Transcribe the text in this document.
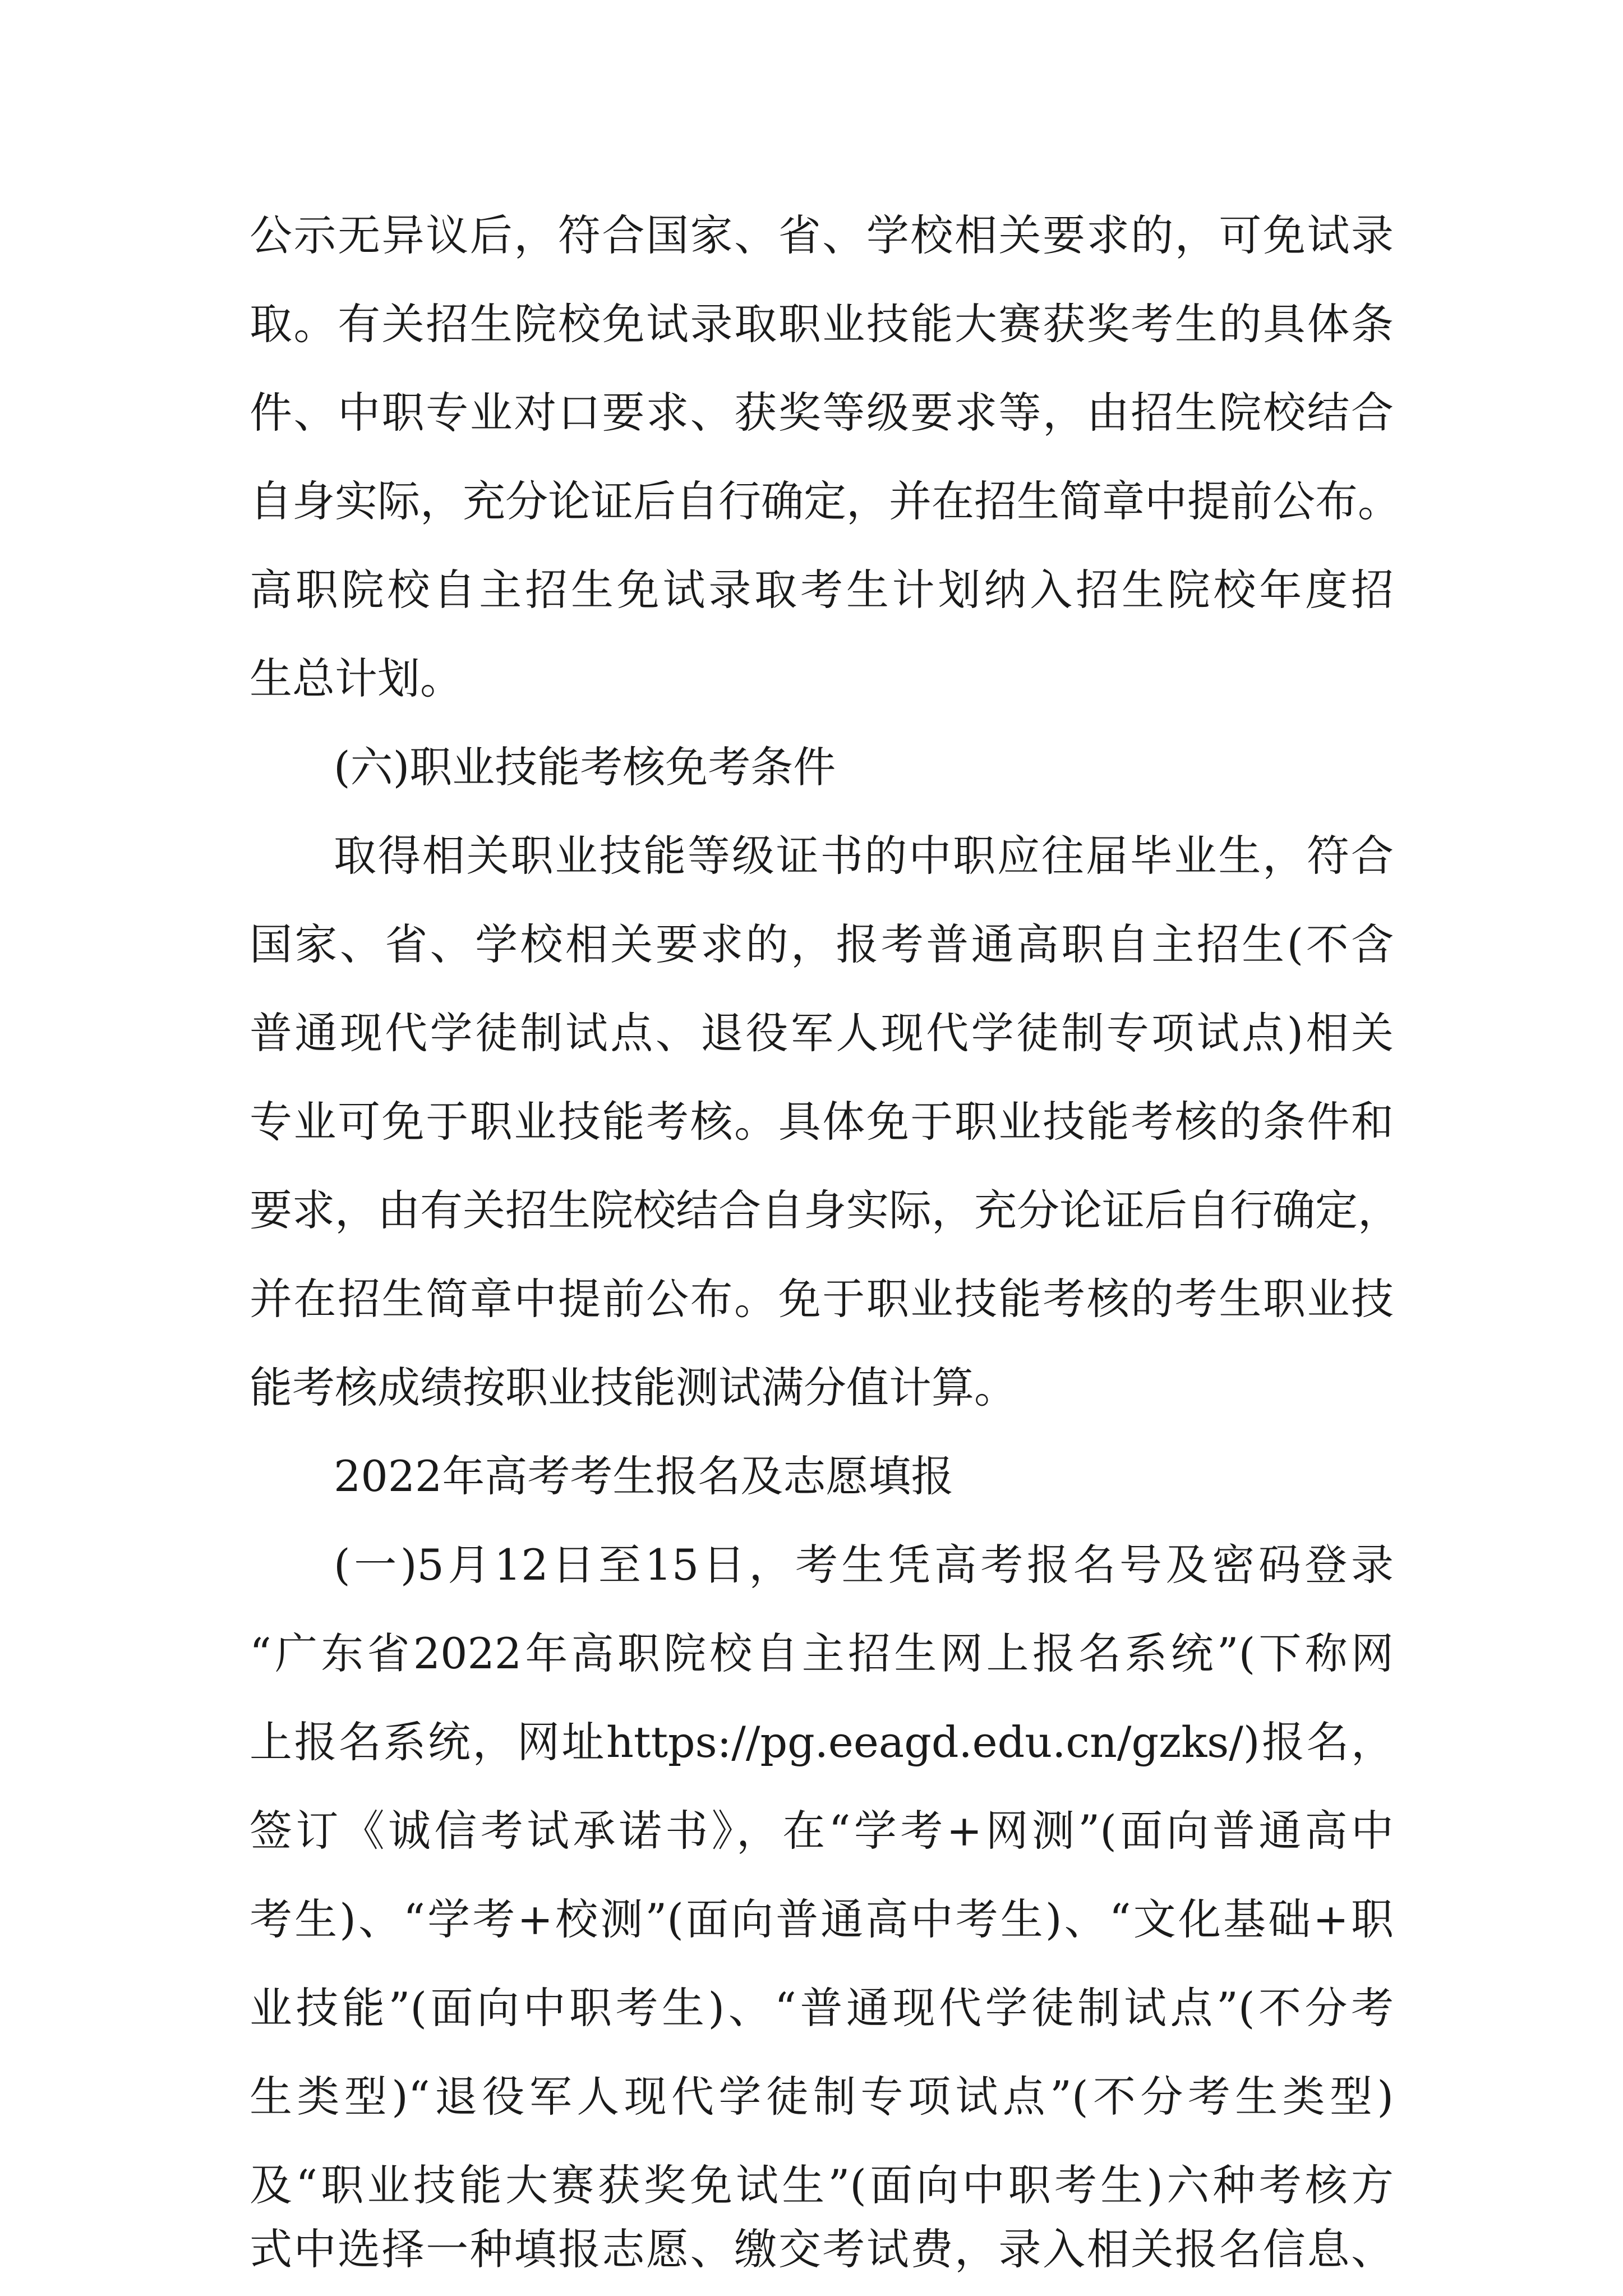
公示无异议后，符合国家、省、学校相关要求的，可免试录
取。有关招生院校免试录取职业技能大赛获奖考生的具体条
件、中职专业对口要求、获奖等级要求等，由招生院校结合
自身实际，充分论证后自行确定，并在招生简章中提前公布。
高职院校自主招生免试录取考生计划纳入招生院校年度招
生总计划。
(六)职业技能考核免考条件
取得相关职业技能等级证书的中职应往届毕业生，符合
国家、省、学校相关要求的，报考普通高职自主招生(不含
普通现代学徒制试点、退役军人现代学徒制专项试点)相关
专业可免于职业技能考核。具体免于职业技能考核的条件和
要求，由有关招生院校结合自身实际，充分论证后自行确定，
并在招生简章中提前公布。免于职业技能考核的考生职业技
能考核成绩按职业技能测试满分值计算。
2022年高考考生报名及志愿填报
(一)5月12日至15日，考生凭高考报名号及密码登录
“广东省2022年高职院校自主招生网上报名系统”(下称网
上报名系统，网址https://pg.eeagd.edu.cn/gzks/)报名，
签订《诚信考试承诺书》，在“学考+网测”(面向普通高中
考生)、“学考+校测”(面向普通高中考生)、“文化基础+职
业技能”(面向中职考生)、“普通现代学徒制试点”(不分考
生类型)“退役军人现代学徒制专项试点”(不分考生类型)
及“职业技能大赛获奖免试生”(面向中职考生)六种考核方
式中选择一种填报志愿、缴交考试费，录入相关报名信息、
